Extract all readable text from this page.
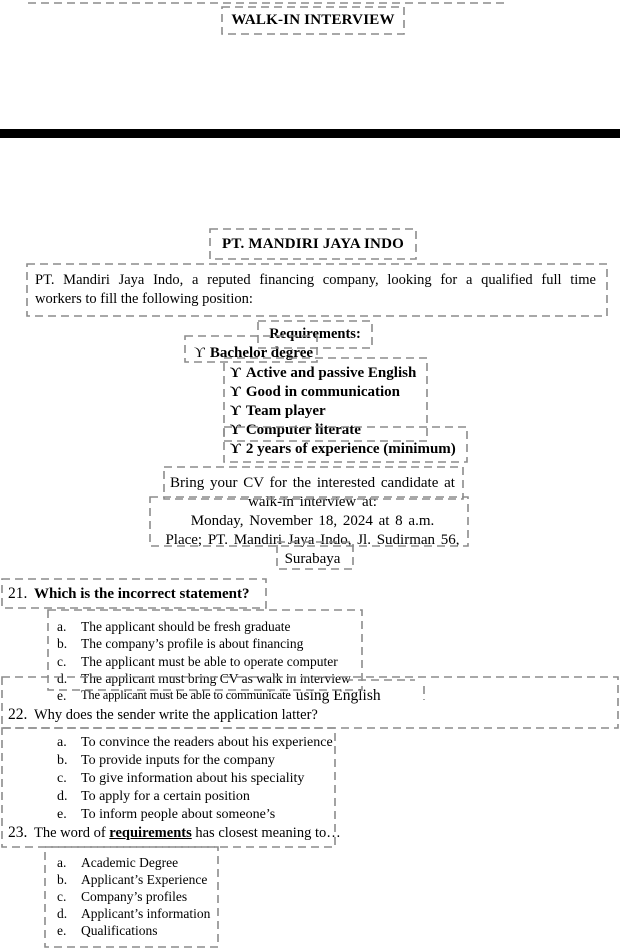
WALK-IN INTERVIEW
PT. MANDIRI JAYA INDO
PT. Mandiri Jaya Indo, a reputed financing company, looking for a qualified full time
workers to fill the following position:
Requirements:
ϒ Bachelor degree
ϒ Active and passive English
ϒ Good in communication
ϒ Team player
ϒ Computer literate
ϒ 2 years of experience (minimum)
Bring your CV for the interested candidate at
walk-in interview at:
Monday, November 18, 2024 at 8 a.m.
Place; PT. Mandiri Jaya Indo, Jl. Sudirman 56,
Surabaya
21. Which is the incorrect statement?
a.	The applicant should be fresh graduate
b.	The company’s profile is about financing
c.	The applicant must be able to operate computer
d.	The applicant must bring CV as walk in interview
e.	The applicant must be able to communicate using English
22. Why does the sender write the application latter?
a.	To convince the readers about his experience
b. To provide inputs for the company
c.	To give information about his speciality
d. To apply for a certain position
e.	To inform people about someone’s
23. The word of requirements has closest meaning to…
a.	Academic Degree
b.	Applicant’s Experience
c.	Company’s profiles
d.	Applicant’s information
e.	Qualifications
